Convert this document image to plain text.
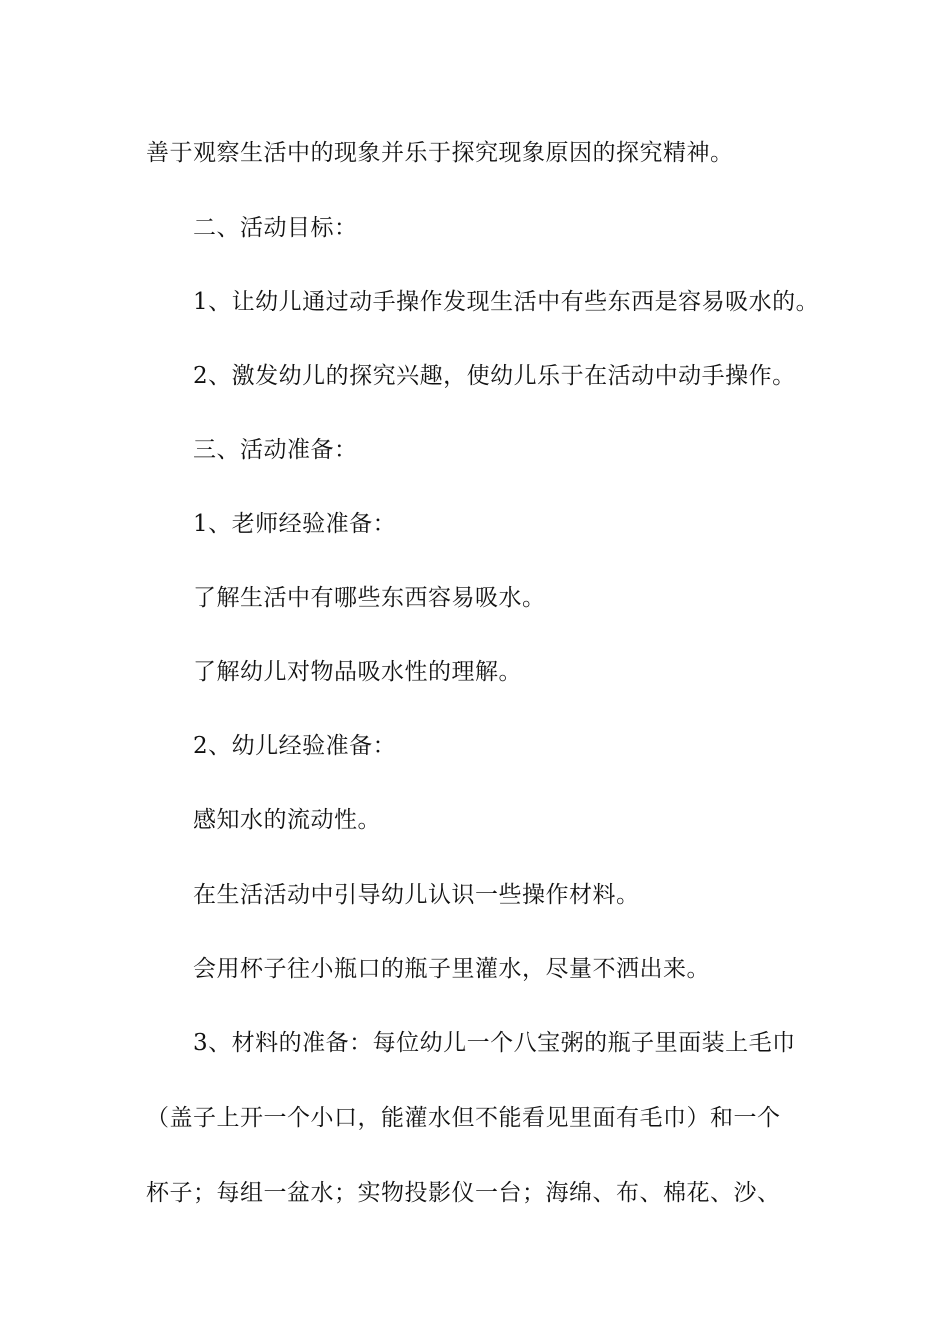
善于观察生活中的现象并乐于探究现象原因的探究精神。
二、活动目标：
1、让幼儿通过动手操作发现生活中有些东西是容易吸水的。
2、激发幼儿的探究兴趣，使幼儿乐于在活动中动手操作。
三、活动准备：
1、老师经验准备：
了解生活中有哪些东西容易吸水。
了解幼儿对物品吸水性的理解。
2、幼儿经验准备：
感知水的流动性。
在生活活动中引导幼儿认识一些操作材料。
会用杯子往小瓶口的瓶子里灌水，尽量不洒出来。
3、材料的准备：每位幼儿一个八宝粥的瓶子里面装上毛巾
（盖子上开一个小口，能灌水但不能看见里面有毛巾）和一个
杯子；每组一盆水；实物投影仪一台；海绵、布、棉花、沙、
